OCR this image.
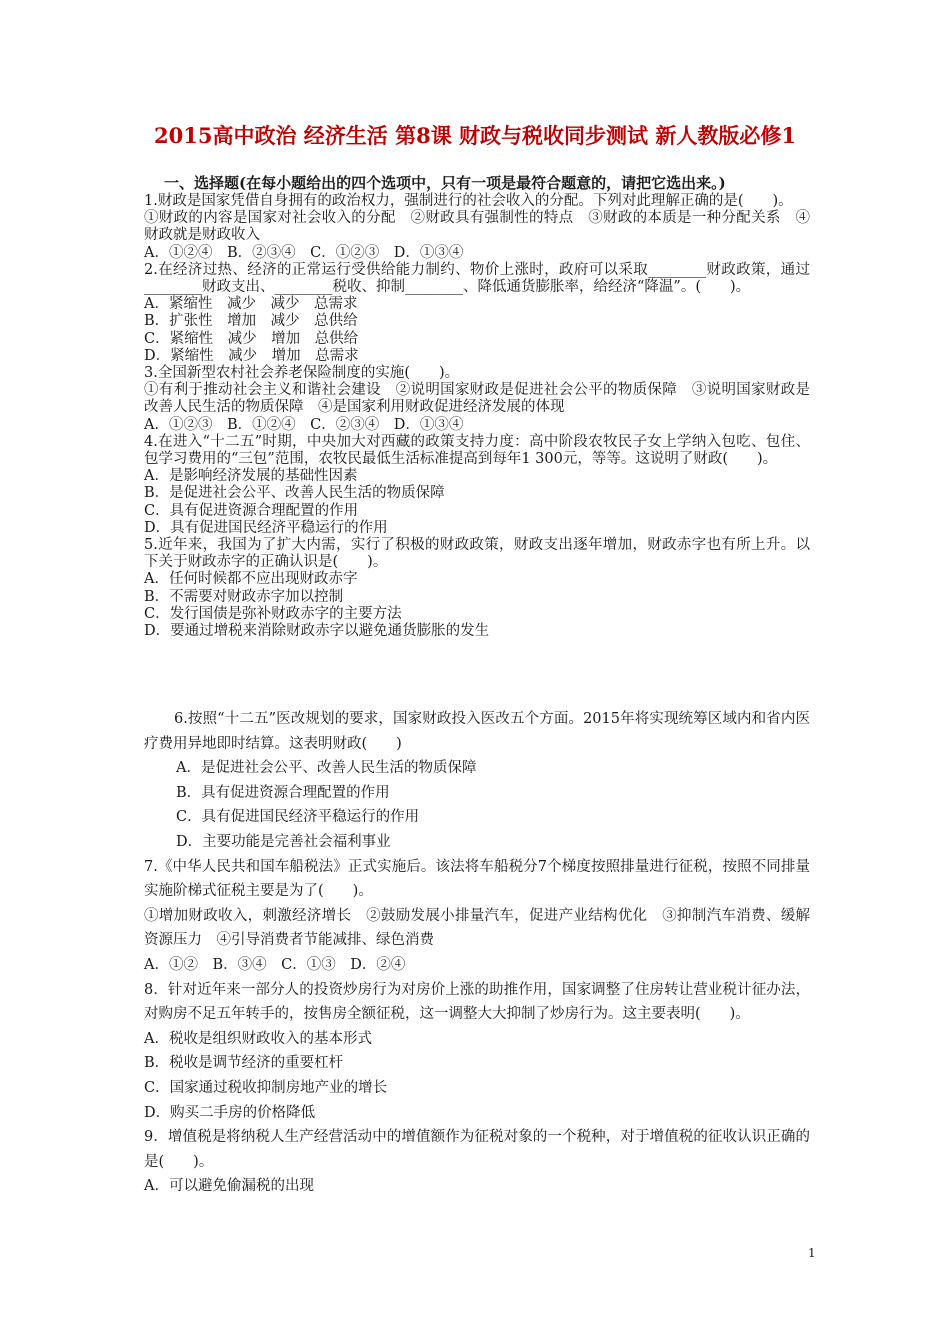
2015高中政治 经济生活 第8课 财政与税收同步测试 新人教版必修1
一、选择题(在每小题给出的四个选项中，只有一项是最符合题意的，请把它选出来。)

1.财政是国家凭借自身拥有的政治权力，强制进行的社会收入的分配。下列对此理解正确的是(　　)。

①财政的内容是国家对社会收入的分配　②财政具有强制性的特点　③财政的本质是一种分配关系　④财政就是财政收入

A．①②④　B．②③④　C．①②③　D．①③④

2.在经济过热、经济的正常运行受供给能力制约、物价上涨时，政府可以采取________财政政策，通过________财政支出、________税收、抑制________、降低通货膨胀率，给经济“降温”。(　　)。

A．紧缩性　减少　减少　总需求

B．扩张性　增加　减少　总供给

C．紧缩性　减少　增加　总供给

D．紧缩性　减少　增加　总需求

3.全国新型农村社会养老保险制度的实施(　　)。

①有利于推动社会主义和谐社会建设　②说明国家财政是促进社会公平的物质保障　③说明国家财政是改善人民生活的物质保障　④是国家利用财政促进经济发展的体现

A．①②③　B．①②④　C．②③④　D．①③④

4.在进入“十二五”时期，中央加大对西藏的政策支持力度：高中阶段农牧民子女上学纳入包吃、包住、包学习费用的“三包”范围，农牧民最低生活标准提高到每年1 300元，等等。这说明了财政(　　)。

A．是影响经济发展的基础性因素

B．是促进社会公平、改善人民生活的物质保障

C．具有促进资源合理配置的作用

D．具有促进国民经济平稳运行的作用

5.近年来，我国为了扩大内需，实行了积极的财政政策，财政支出逐年增加，财政赤字也有所上升。以下关于财政赤字的正确认识是(　　)。

A．任何时候都不应出现财政赤字

B．不需要对财政赤字加以控制

C．发行国债是弥补财政赤字的主要方法

D．要通过增税来消除财政赤字以避免通货膨胀的发生

6.按照“十二五”医改规划的要求，国家财政投入医改五个方面。2015年将实现统筹区域内和省内医疗费用异地即时结算。这表明财政(　　)

A．是促进社会公平、改善人民生活的物质保障

B．具有促进资源合理配置的作用

C．具有促进国民经济平稳运行的作用

D．主要功能是完善社会福利事业

7.《中华人民共和国车船税法》正式实施后。该法将车船税分7个梯度按照排量进行征税，按照不同排量实施阶梯式征税主要是为了(　　)。

①增加财政收入，刺激经济增长　②鼓励发展小排量汽车，促进产业结构优化　③抑制汽车消费、缓解资源压力　④引导消费者节能减排、绿色消费

A．①②　B．③④　C．①③　D．②④

8．针对近年来一部分人的投资炒房行为对房价上涨的助推作用，国家调整了住房转让营业税计征办法，对购房不足五年转手的，按售房全额征税，这一调整大大抑制了炒房行为。这主要表明(　　)。

A．税收是组织财政收入的基本形式

B．税收是调节经济的重要杠杆

C．国家通过税收抑制房地产业的增长

D．购买二手房的价格降低

9．增值税是将纳税人生产经营活动中的增值额作为征税对象的一个税种，对于增值税的征收认识正确的是(　　)。

A．可以避免偷漏税的出现

1
